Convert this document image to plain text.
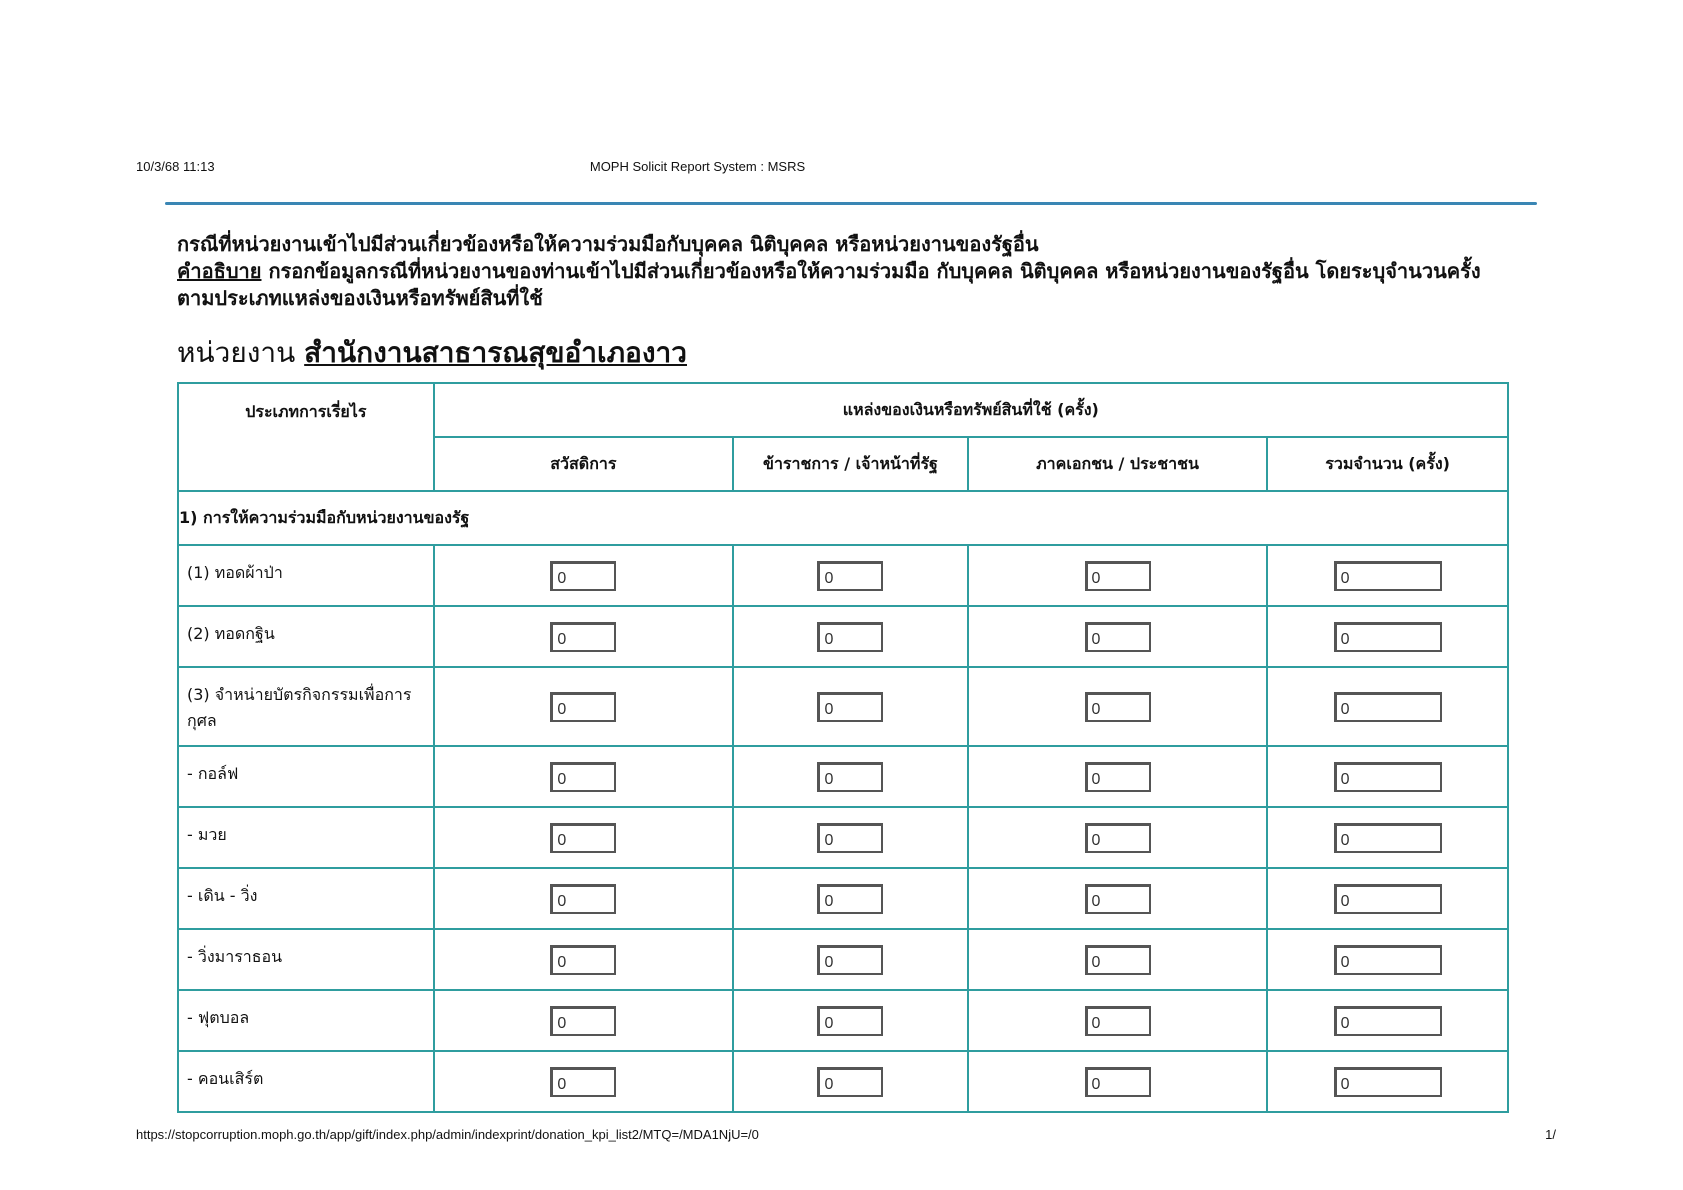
10/3/68 11:13	MOPH Solicit Report System : MSRS
กรณีที่หน่วยงานเข้าไปมีส่วนเกี่ยวข้องหรือให้ความร่วมมือกับบุคคล นิติบุคคล หรือหน่วยงานของรัฐอื่น
คำอธิบาย กรอกข้อมูลกรณีที่หน่วยงานของท่านเข้าไปมีส่วนเกี่ยวข้องหรือให้ความร่วมมือ กับบุคคล นิติบุคคล หรือหน่วยงานของรัฐอื่น โดยระบุจำนวนครั้งตามประเภทแหล่งของเงินหรือทรัพย์สินที่ใช้
หน่วยงาน สำนักงานสาธารณสุขอำเภองาว
ประเภทการเรี่ยไร	แหล่งของเงินหรือทรัพย์สินที่ใช้ (ครั้ง)			
	สวัสดิการ	ข้าราชการ / เจ้าหน้าที่รัฐ	ภาคเอกชน / ประชาชน	รวมจำนวน (ครั้ง)
1) การให้ความร่วมมือกับหน่วยงานของรัฐ				
(1) ทอดผ้าป่า	0	0	0	0
(2) ทอดกฐิน	0	0	0	0
(3) จำหน่ายบัตรกิจกรรมเพื่อการกุศล	0	0	0	0
- กอล์ฟ	0	0	0	0
- มวย	0	0	0	0
- เดิน - วิ่ง	0	0	0	0
- วิ่งมาราธอน	0	0	0	0
- ฟุตบอล	0	0	0	0
- คอนเสิร์ต	0	0	0	0
https://stopcorruption.moph.go.th/app/gift/index.php/admin/indexprint/donation_kpi_list2/MTQ=/MDA1NjU=/0	1/
